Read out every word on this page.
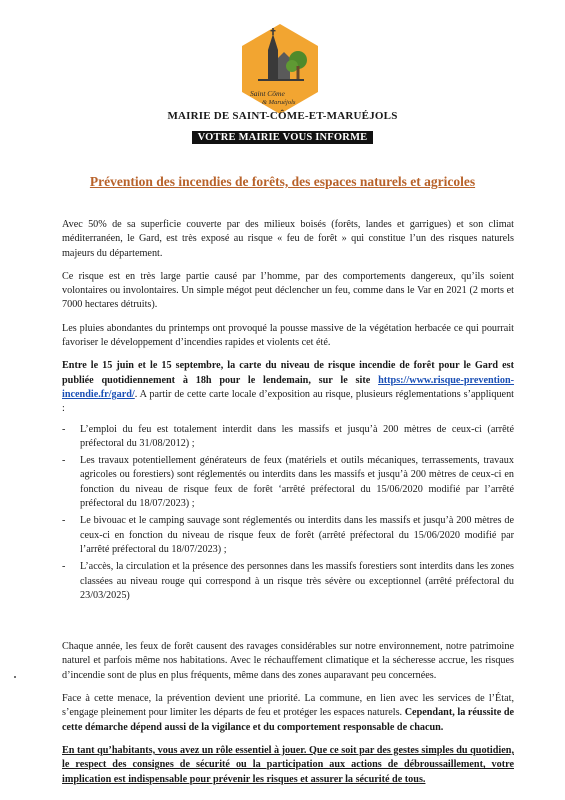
Saint Côme
& Maruéjols
MAIRIE DE SAINT-CÔME-ET-MARUÉJOLS
VOTRE MAIRIE VOUS INFORME
Prévention des incendies de forêts, des espaces naturels et agricoles

Avec 50% de sa superficie couverte par des milieux boisés (forêts, landes et garrigues) et son climat méditerranéen, le Gard, est très exposé au risque « feu de forêt » qui constitue l’un des risques naturels majeurs du département.

Ce risque est en très large partie causé par l’homme, par des comportements dangereux, qu’ils soient volontaires ou involontaires. Un simple mégot peut déclencher un feu, comme dans le Var en 2021 (2 morts et 7000 hectares détruits).

Les pluies abondantes du printemps ont provoqué la pousse massive de la végétation herbacée ce qui pourrait favoriser le développement d’incendies rapides et violents cet été.

Entre le 15 juin et le 15 septembre, la carte du niveau de risque incendie de forêt pour le Gard est publiée quotidiennement à 18h pour le lendemain, sur le site https://www.risque-prevention-incendie.fr/gard/. A partir de cette carte locale d’exposition au risque, plusieurs réglementations s’appliquent :

- L’emploi du feu est totalement interdit dans les massifs et jusqu’à 200 mètres de ceux-ci (arrêté préfectoral du 31/08/2012) ;
- Les travaux potentiellement générateurs de feux (matériels et outils mécaniques, terrassements, travaux agricoles ou forestiers) sont réglementés ou interdits dans les massifs et jusqu’à 200 mètres de ceux-ci en fonction du niveau de risque feux de forêt ‘arrêté préfectoral du 15/06/2020 modifié par l’arrêté préfectoral du 18/07/2023) ;
- Le bivouac et le camping sauvage sont réglementés ou interdits dans les massifs et jusqu’à 200 mètres de ceux-ci en fonction du niveau de risque feux de forêt (arrêté préfectoral du 15/06/2020 modifié par l’arrêté préfectoral du 18/07/2023) ;
- L’accès, la circulation et la présence des personnes dans les massifs forestiers sont interdits dans les zones classées au niveau rouge qui correspond à un risque très sévère ou exceptionnel (arrêté préfectoral du 23/03/2025)

Chaque année, les feux de forêt causent des ravages considérables sur notre environnement, notre patrimoine naturel et parfois même nos habitations. Avec le réchauffement climatique et la sécheresse accrue, les risques d’incendie sont de plus en plus fréquents, même dans des zones auparavant peu concernées.

Face à cette menace, la prévention devient une priorité. La commune, en lien avec les services de l’État, s’engage pleinement pour limiter les départs de feu et protéger les espaces naturels. Cependant, la réussite de cette démarche dépend aussi de la vigilance et du comportement responsable de chacun.

En tant qu’habitants, vous avez un rôle essentiel à jouer. Que ce soit par des gestes simples du quotidien, le respect des consignes de sécurité ou la participation aux actions de débroussaillement, votre implication est indispensable pour prévenir les risques et assurer la sécurité de tous.
